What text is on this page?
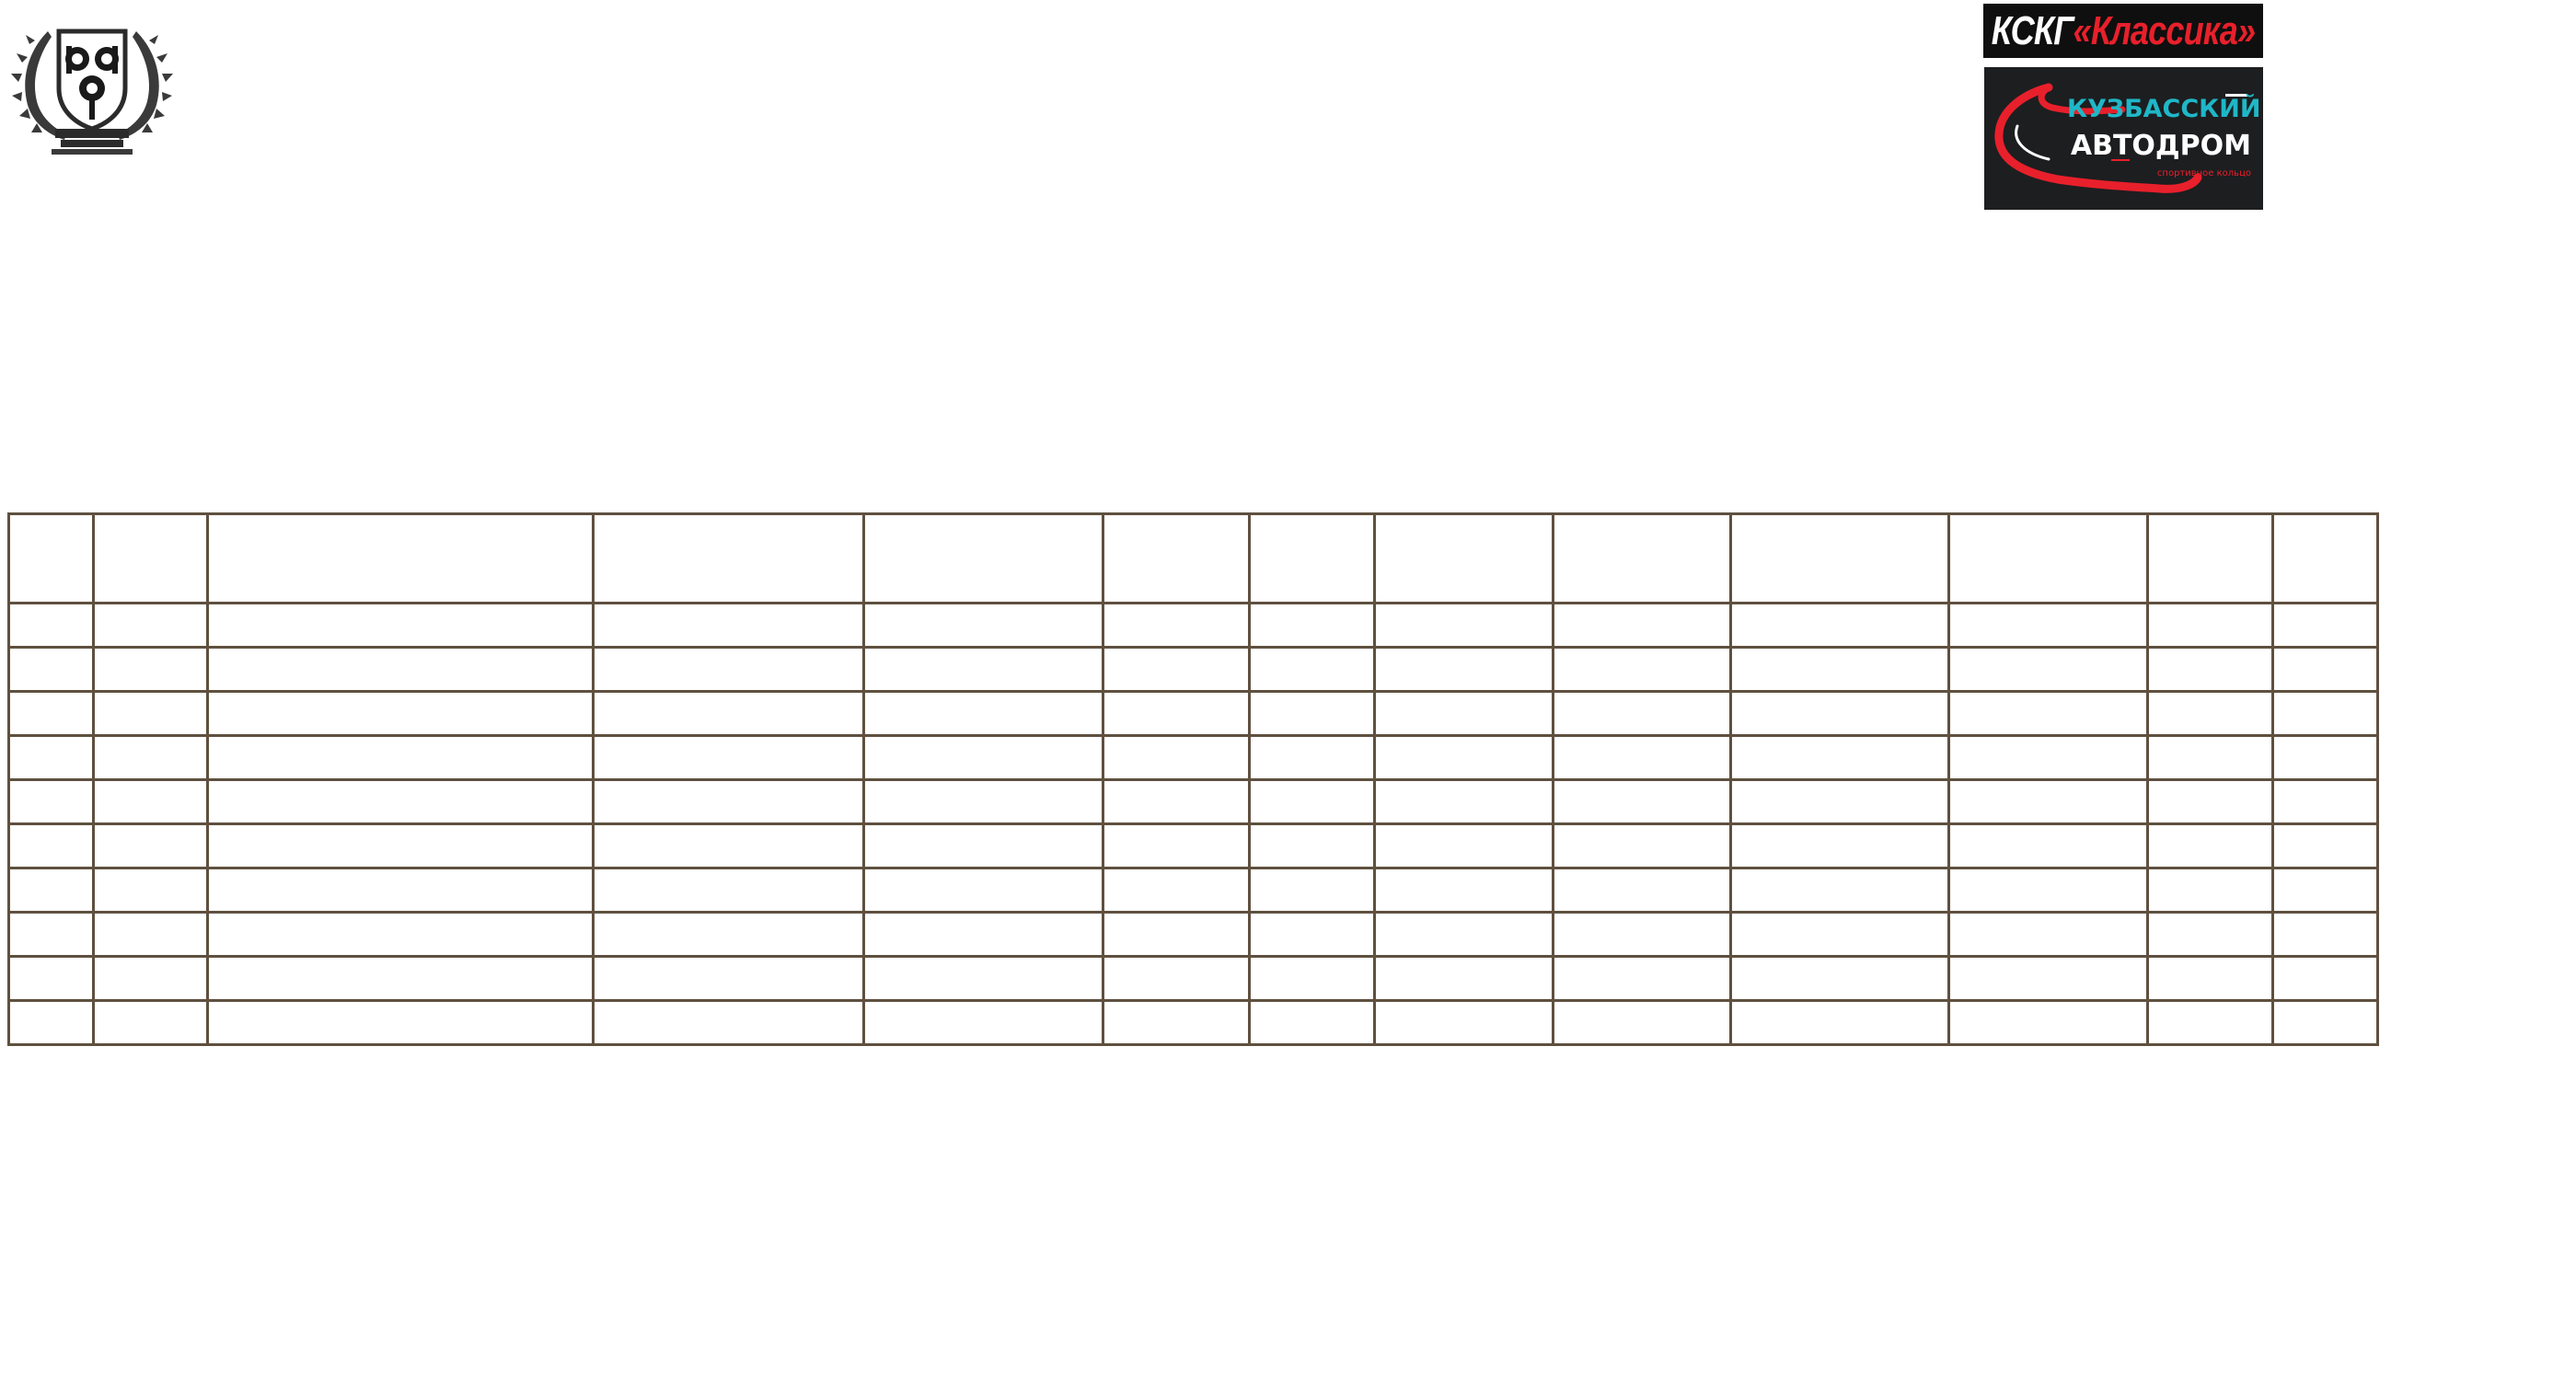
КСКГ «Классика»
КУЗБАССКИЙ
АВТОДРОМ
спортивное кольцо
